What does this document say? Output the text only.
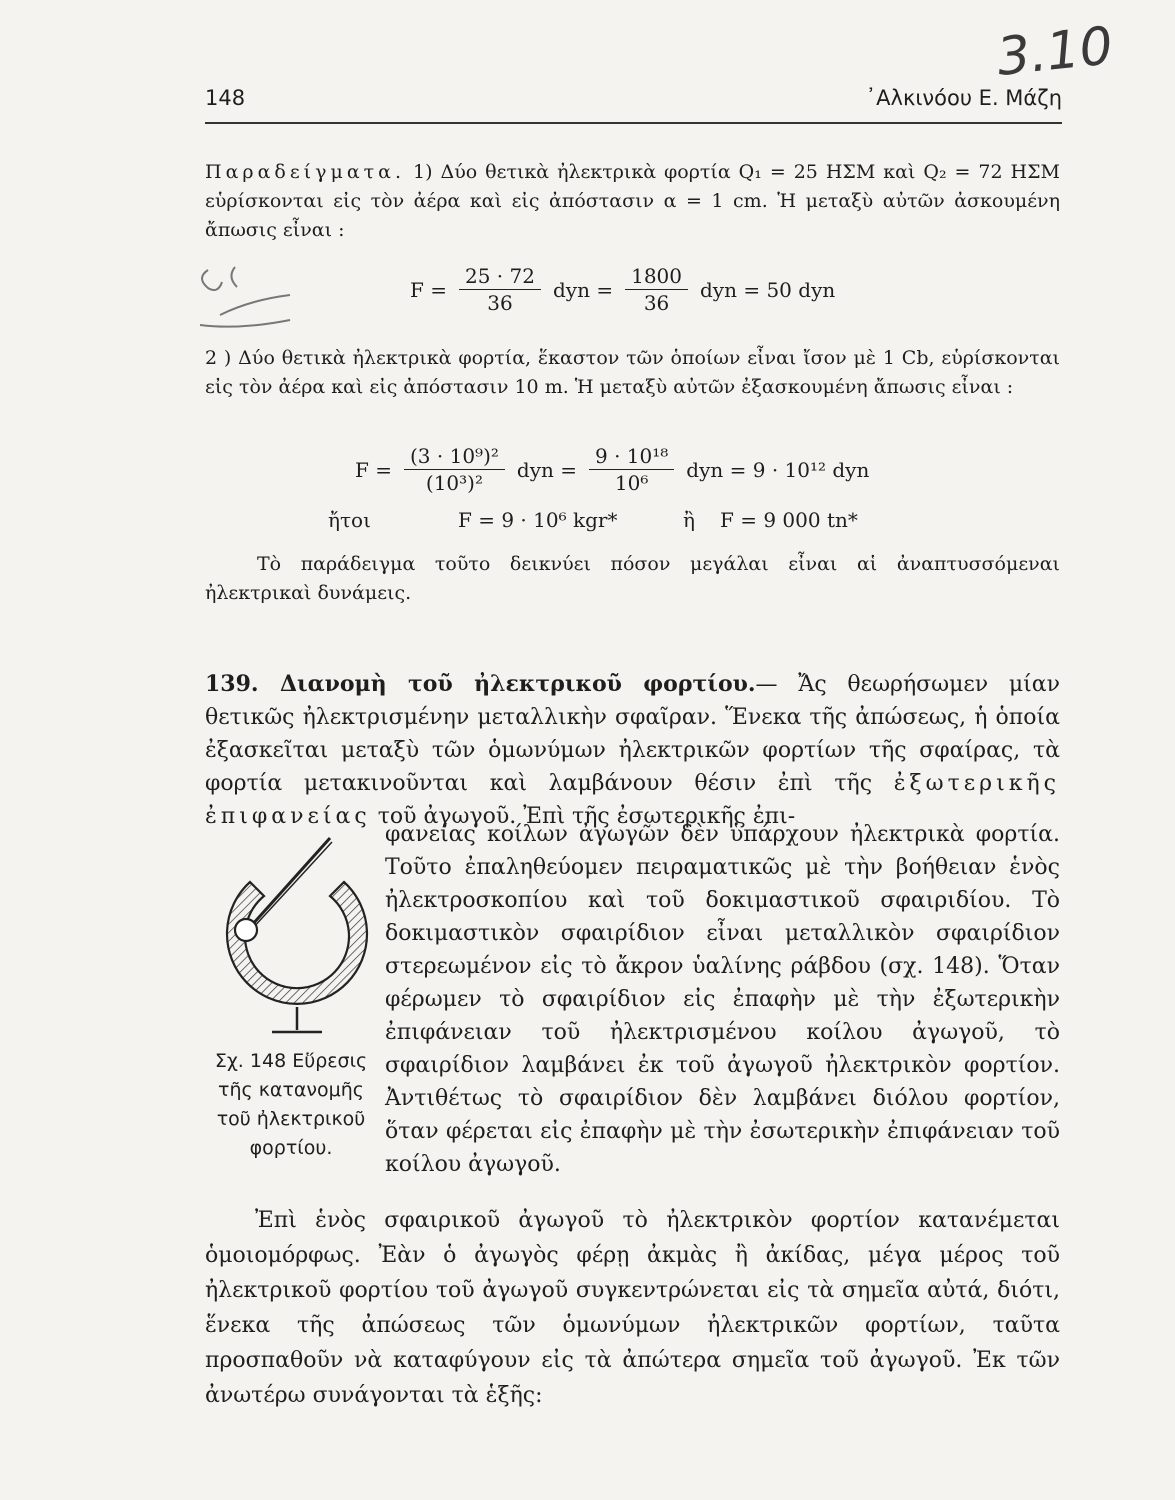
3.10
148	᾿Αλκινόου Ε. Μάζη
Παραδείγματα. 1) Δύο θετικὰ ἠλεκτρικὰ φορτία Q₁ = 25 ΗΣΜ καὶ Q₂ = 72 ΗΣΜ εὑρίσκονται εἰς τὸν ἀέρα καὶ εἰς ἀπόστασιν α = 1 cm. Ἡ μεταξὺ αὐτῶν ἀσκουμένη ἄπωσις εἶναι :
$F = \frac{25 \cdot 72}{36}$ dyn = $\frac{1800}{36}$ dyn = 50 dyn
2 ) Δύο θετικὰ ἠλεκτρικὰ φορτία, ἕκαστον τῶν ὁποίων εἶναι ἴσον μὲ 1 Cb, εὑρίσκονται εἰς τὸν ἀέρα καὶ εἰς ἀπόστασιν 10 m. Ἡ μεταξὺ αὐτῶν ἐξασκουμένη ἄπωσις εἶναι :
$F = \frac{\text{(3 · 10⁹)²}}{\text{(10³)²}}$ dyn = $\frac{\text{9 · 10¹⁸}}{\text{10⁶}}$ dyn = 9 · 10¹² dyn
ἤτοι	F = 9 · 10⁶ kgr*	ἢ	F = 9 000 tn*
Τὸ παράδειγμα τοῦτο δεικνύει πόσον μεγάλαι εἶναι αἱ ἀναπτυσσόμεναι ἠλεκτρικαὶ δυνάμεις.
139. Διανομὴ τοῦ ἠλεκτρικοῦ φορτίου.— Ἄς θεωρήσωμεν μίαν θετικῶς ἠλεκτρισμένην μεταλλικὴν σφαῖραν. Ἕνεκα τῆς ἀπώσεως, ἡ ὁποία ἐξασκεῖται μεταξὺ τῶν ὁμωνύμων ἠλεκτρικῶν φορτίων τῆς σφαίρας, τὰ φορτία μετακινοῦνται καὶ λαμβάνουν θέσιν ἐπὶ τῆς ἐξωτερικῆς ἐπιφανείας τοῦ ἀγωγοῦ. Ἐπὶ τῆς ἐσωτερικῆς ἐπι-
Σχ. 148 Εὕρεσις τῆς κατανομῆς τοῦ ἠλεκτρικοῦ φορτίου.
φανείας κοίλων ἀγωγῶν δὲν ὑπάρχουν ἠλεκτρικὰ φορτία. Τοῦτο ἐπαληθεύομεν πειραματικῶς μὲ τὴν βοήθειαν ἑνὸς ἠλεκτροσκοπίου καὶ τοῦ δοκιμαστικοῦ σφαιριδίου. Τὸ δοκιμαστικὸν σφαιρίδιον εἶναι μεταλλικὸν σφαιρίδιον στερεωμένον εἰς τὸ ἄκρον ὑαλίνης ράβδου (σχ. 148). Ὅταν φέρωμεν τὸ σφαιρίδιον εἰς ἐπαφὴν μὲ τὴν ἐξωτερικὴν ἐπιφάνειαν τοῦ ἠλεκτρισμένου κοίλου ἀγωγοῦ, τὸ σφαιρίδιον λαμβάνει ἐκ τοῦ ἀγωγοῦ ἠλεκτρικὸν φορτίον. Ἀντιθέτως τὸ σφαιρίδιον δὲν λαμβάνει διόλου φορτίον, ὅταν φέρεται εἰς ἐπαφὴν μὲ τὴν ἐσωτερικὴν ἐπιφάνειαν τοῦ κοίλου ἀγωγοῦ.
Ἐπὶ ἑνὸς σφαιρικοῦ ἀγωγοῦ τὸ ἠλεκτρικὸν φορτίον κατανέμεται ὁμοιομόρφως. Ἐὰν ὁ ἀγωγὸς φέρῃ ἀκμὰς ἢ ἀκίδας, μέγα μέρος τοῦ ἠλεκτρικοῦ φορτίου τοῦ ἀγωγοῦ συγκεντρώνεται εἰς τὰ σημεῖα αὐτά, διότι, ἕνεκα τῆς ἀπώσεως τῶν ὁμωνύμων ἠλεκτρικῶν φορτίων, ταῦτα προσπαθοῦν νὰ καταφύγουν εἰς τὰ ἀπώτερα σημεῖα τοῦ ἀγωγοῦ. Ἐκ τῶν ἀνωτέρω συνάγονται τὰ ἑξῆς:
